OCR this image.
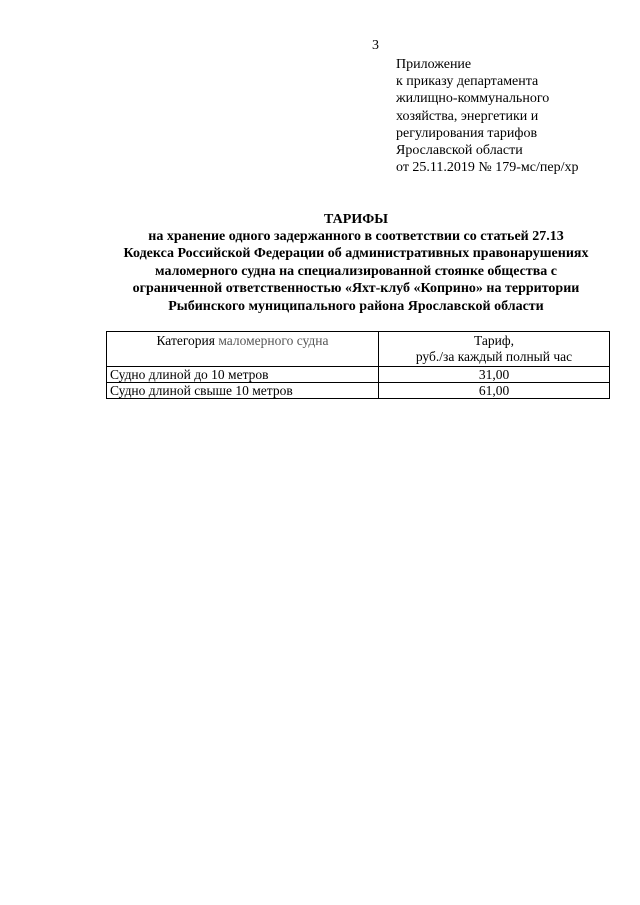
3
Приложение
к приказу департамента
жилищно-коммунального
хозяйства, энергетики и
регулирования тарифов
Ярославской области
от 25.11.2019 № 179-мс/пер/хр
ТАРИФЫ
на хранение одного задержанного в соответствии со статьей 27.13
Кодекса Российской Федерации об административных правонарушениях
маломерного судна на специализированной стоянке общества с
ограниченной ответственностью «Яхт-клуб «Коприно» на территории
Рыбинского муниципального района Ярославской области
Категория маломерного судна	Тариф,
руб./за каждый полный час

Судно длиной до 10 метров	31,00
Судно длиной свыше 10 метров	61,00
